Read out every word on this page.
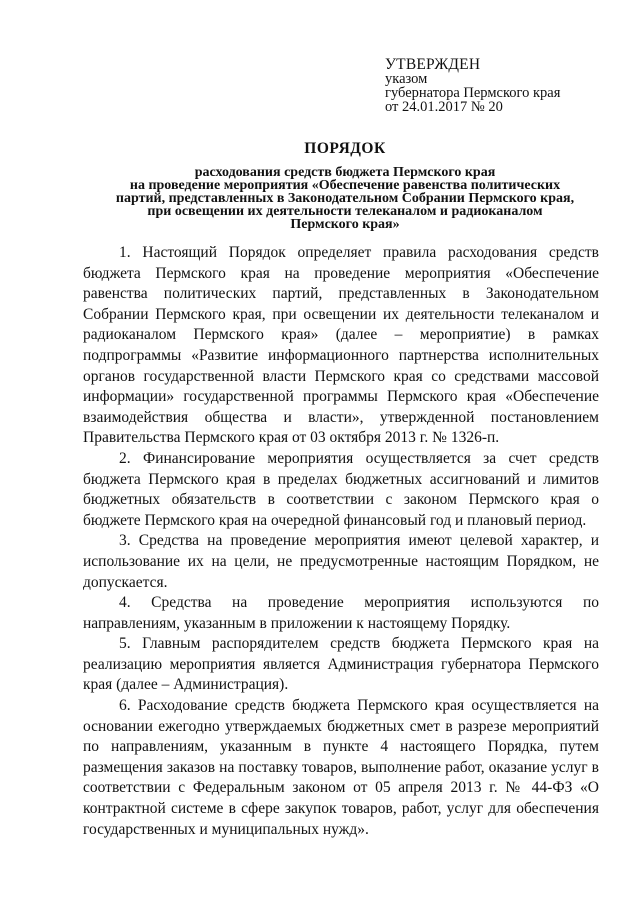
УТВЕРЖДЕН
указом
губернатора Пермского края
от 24.01.2017 № 20
ПОРЯДОК
расходования средств бюджета Пермского края
на проведение мероприятия «Обеспечение равенства политических
партий, представленных в Законодательном Собрании Пермского края,
при освещении их деятельности телеканалом и радиоканалом
Пермского края»

1. Настоящий Порядок определяет правила расходования средств бюджета Пермского края на проведение мероприятия «Обеспечение равенства политических партий, представленных в Законодательном Собрании Пермского края, при освещении их деятельности телеканалом и радиоканалом Пермского края» (далее – мероприятие) в рамках подпрограммы «Развитие информационного партнерства исполнительных органов государственной власти Пермского края со средствами массовой информации» государственной программы Пермского края «Обеспечение взаимодействия общества и власти», утвержденной постановлением Правительства Пермского края от 03 октября 2013 г. № 1326-п.

2. Финансирование мероприятия осуществляется за счет средств бюджета Пермского края в пределах бюджетных ассигнований и лимитов бюджетных обязательств в соответствии с законом Пермского края о бюджете Пермского края на очередной финансовый год и плановый период.

3. Средства на проведение мероприятия имеют целевой характер, и использование их на цели, не предусмотренные настоящим Порядком, не допускается.

4. Средства на проведение мероприятия используются по направлениям, указанным в приложении к настоящему Порядку.

5. Главным распорядителем средств бюджета Пермского края на реализацию мероприятия является Администрация губернатора Пермского края (далее – Администрация).

6. Расходование средств бюджета Пермского края осуществляется на основании ежегодно утверждаемых бюджетных смет в разрезе мероприятий по направлениям, указанным в пункте 4 настоящего Порядка, путем размещения заказов на поставку товаров, выполнение работ, оказание услуг в соответствии с Федеральным законом от 05 апреля 2013 г. № 44-ФЗ «О контрактной системе в сфере закупок товаров, работ, услуг для обеспечения государственных и муниципальных нужд».
